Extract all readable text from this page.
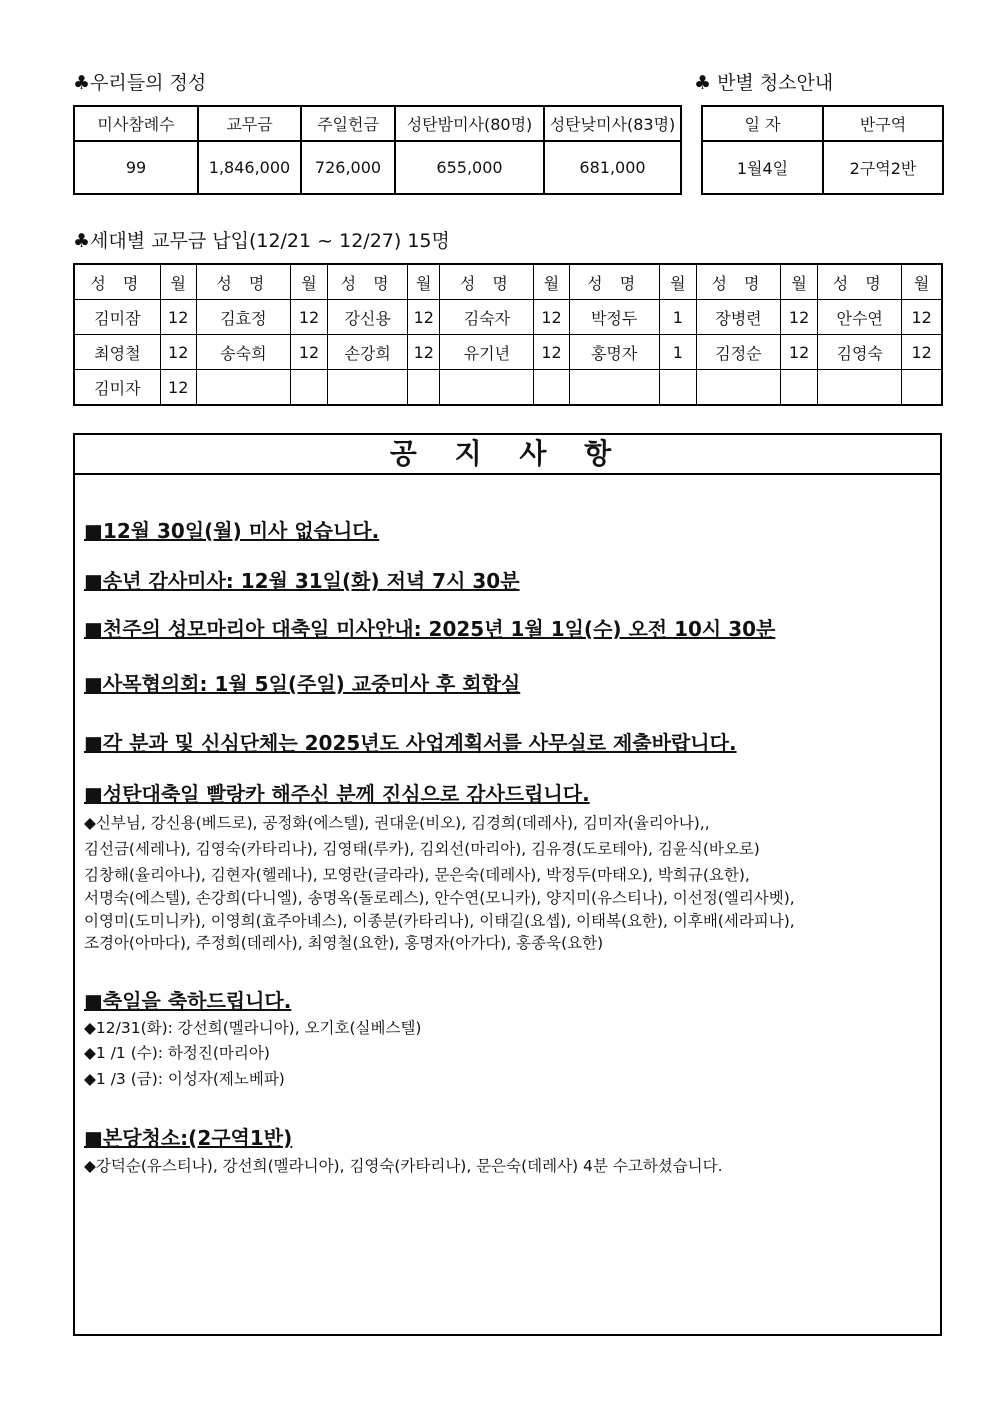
♣우리들의 정성
미사참례수	교무금	주일헌금	성탄밤미사(80명)	성탄낮미사(83명)
99	1,846,000	726,000	655,000	681,000
♣ 반별 청소안내
일 자	반구역
1월4일	2구역2반
♣세대별 교무금 납입(12/21 ~ 12/27) 15명
성 명	월	성 명	월	성 명	월	성 명	월	성 명	월	성 명	월	성 명	월
김미잠	12	김효정	12	강신용	12	김숙자	12	박정두	1	장병련	12	안수연	12
최영철	12	송숙희	12	손강희	12	유기년	12	홍명자	1	김정순	12	김영숙	12
김미자	12												
공 지 사 항
■12월 30일(월) 미사 없습니다.
■송년 감사미사: 12월 31일(화) 저녁 7시 30분
■천주의 성모마리아 대축일 미사안내: 2025년 1월 1일(수) 오전 10시 30분
■사목협의회: 1월 5일(주일) 교중미사 후 회합실
■각 분과 및 신심단체는 2025년도 사업계획서를 사무실로 제출바랍니다.
■성탄대축일 빨랑카 해주신 분께 진심으로 감사드립니다.
◆신부님, 강신용(베드로), 공정화(에스텔), 권대운(비오), 김경희(데레사), 김미자(율리아나),,
김선금(세레나), 김영숙(카타리나), 김영태(루카), 김외선(마리아), 김유경(도로테아), 김윤식(바오로)
김창해(율리아나), 김현자(헬레나), 모영란(글라라), 문은숙(데레사), 박정두(마태오), 박희규(요한),
서명숙(에스텔), 손강희(다니엘), 송명옥(돌로레스), 안수연(모니카), 양지미(유스티나), 이선정(엘리사벳),
이영미(도미니카), 이영희(효주아녜스), 이종분(카타리나), 이태길(요셉), 이태복(요한), 이후배(세라피나),
조경아(아마다), 주정희(데레사), 최영철(요한), 홍명자(아가다), 홍종욱(요한)
■축일을 축하드립니다.
◆12/31(화): 강선희(멜라니아), 오기호(실베스텔)
◆1 /1 (수): 하정진(마리아)
◆1 /3 (금): 이성자(제노베파)
■본당청소:(2구역1반)
◆강덕순(유스티나), 강선희(멜라니아), 김영숙(카타리나), 문은숙(데레사) 4분 수고하셨습니다.
